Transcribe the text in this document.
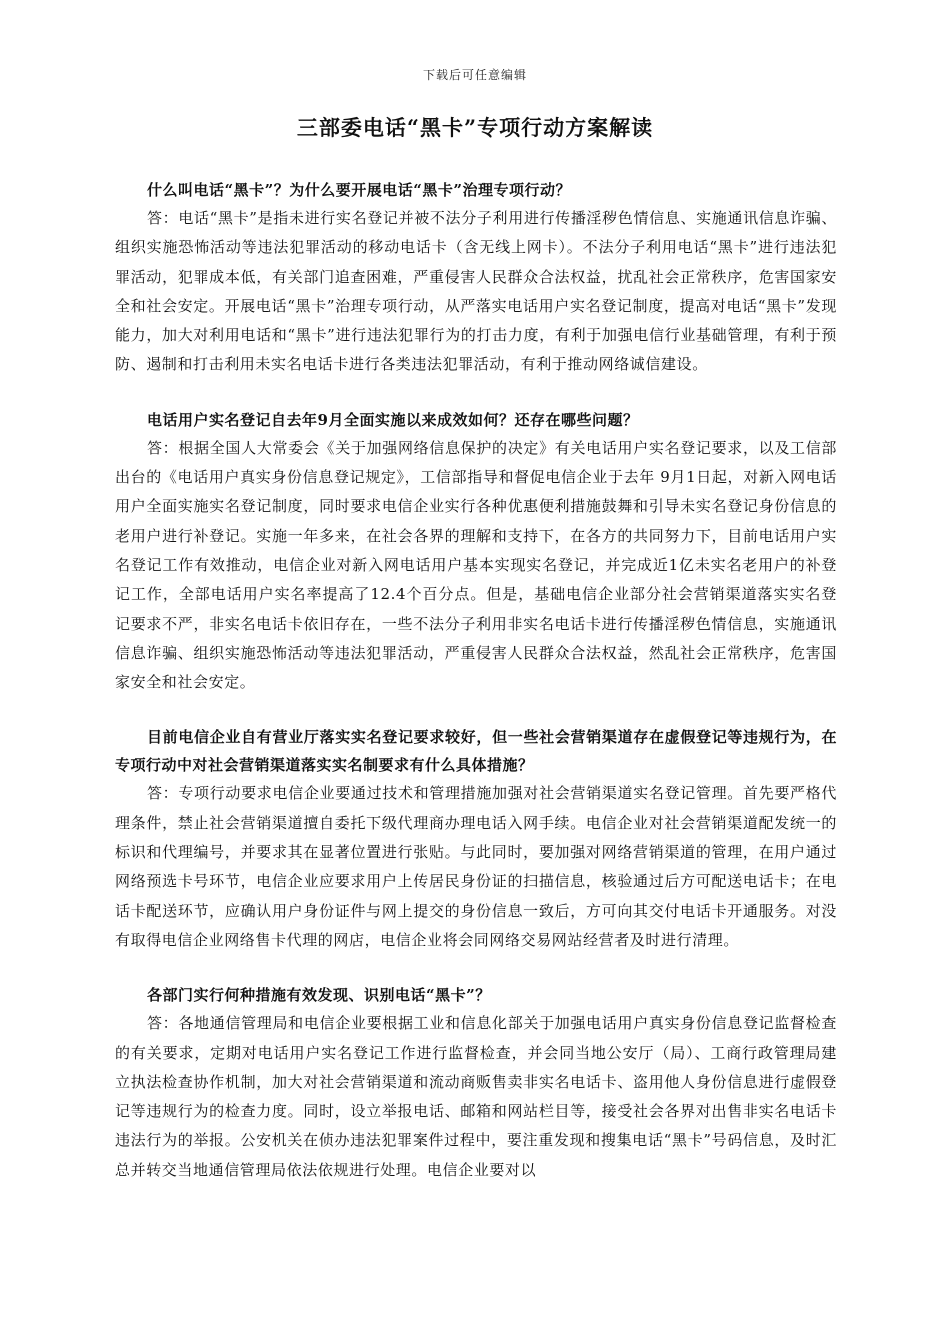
下载后可任意编辑
三部委电话“黑卡”专项行动方案解读

什么叫电话“黑卡”？为什么要开展电话“黑卡”治理专项行动？

答：电话“黑卡”是指未进行实名登记并被不法分子利用进行传播淫秽色情信息、实施通讯信息诈骗、组织实施恐怖活动等违法犯罪活动的移动电话卡（含无线上网卡）。不法分子利用电话“黑卡”进行违法犯罪活动，犯罪成本低，有关部门追查困难，严重侵害人民群众合法权益，扰乱社会正常秩序，危害国家安全和社会安定。开展电话“黑卡”治理专项行动，从严落实电话用户实名登记制度，提高对电话“黑卡”发现能力，加大对利用电话和“黑卡”进行违法犯罪行为的打击力度，有利于加强电信行业基础管理，有利于预防、遏制和打击利用未实名电话卡进行各类违法犯罪活动，有利于推动网络诚信建设。

电话用户实名登记自去年9月全面实施以来成效如何？还存在哪些问题？

答：根据全国人大常委会《关于加强网络信息保护的决定》有关电话用户实名登记要求，以及工信部出台的《电话用户真实身份信息登记规定》，工信部指导和督促电信企业于去年 9月1日起，对新入网电话用户全面实施实名登记制度，同时要求电信企业实行各种优惠便利措施鼓舞和引导未实名登记身份信息的老用户进行补登记。实施一年多来，在社会各界的理解和支持下，在各方的共同努力下，目前电话用户实名登记工作有效推动，电信企业对新入网电话用户基本实现实名登记，并完成近1亿未实名老用户的补登记工作，全部电话用户实名率提高了12.4个百分点。但是，基础电信企业部分社会营销渠道落实实名登记要求不严，非实名电话卡依旧存在，一些不法分子利用非实名电话卡进行传播淫秽色情信息，实施通讯信息诈骗、组织实施恐怖活动等违法犯罪活动，严重侵害人民群众合法权益，然乱社会正常秩序，危害国家安全和社会安定。

目前电信企业自有营业厅落实实名登记要求较好，但一些社会营销渠道存在虚假登记等违规行为，在专项行动中对社会营销渠道落实实名制要求有什么具体措施？

答：专项行动要求电信企业要通过技术和管理措施加强对社会营销渠道实名登记管理。首先要严格代理条件，禁止社会营销渠道擅自委托下级代理商办理电话入网手续。电信企业对社会营销渠道配发统一的标识和代理编号，并要求其在显著位置进行张贴。与此同时，要加强对网络营销渠道的管理，在用户通过网络预选卡号环节，电信企业应要求用户上传居民身份证的扫描信息，核验通过后方可配送电话卡；在电话卡配送环节，应确认用户身份证件与网上提交的身份信息一致后，方可向其交付电话卡开通服务。对没有取得电信企业网络售卡代理的网店，电信企业将会同网络交易网站经营者及时进行清理。

各部门实行何种措施有效发现、识别电话“黑卡”？

答：各地通信管理局和电信企业要根据工业和信息化部关于加强电话用户真实身份信息登记监督检查的有关要求，定期对电话用户实名登记工作进行监督检查，并会同当地公安厅（局）、工商行政管理局建立执法检查协作机制，加大对社会营销渠道和流动商贩售卖非实名电话卡、盗用他人身份信息进行虚假登记等违规行为的检查力度。同时，设立举报电话、邮箱和网站栏目等，接受社会各界对出售非实名电话卡违法行为的举报。公安机关在侦办违法犯罪案件过程中，要注重发现和搜集电话“黑卡”号码信息，及时汇总并转交当地通信管理局依法依规进行处理。电信企业要对以
